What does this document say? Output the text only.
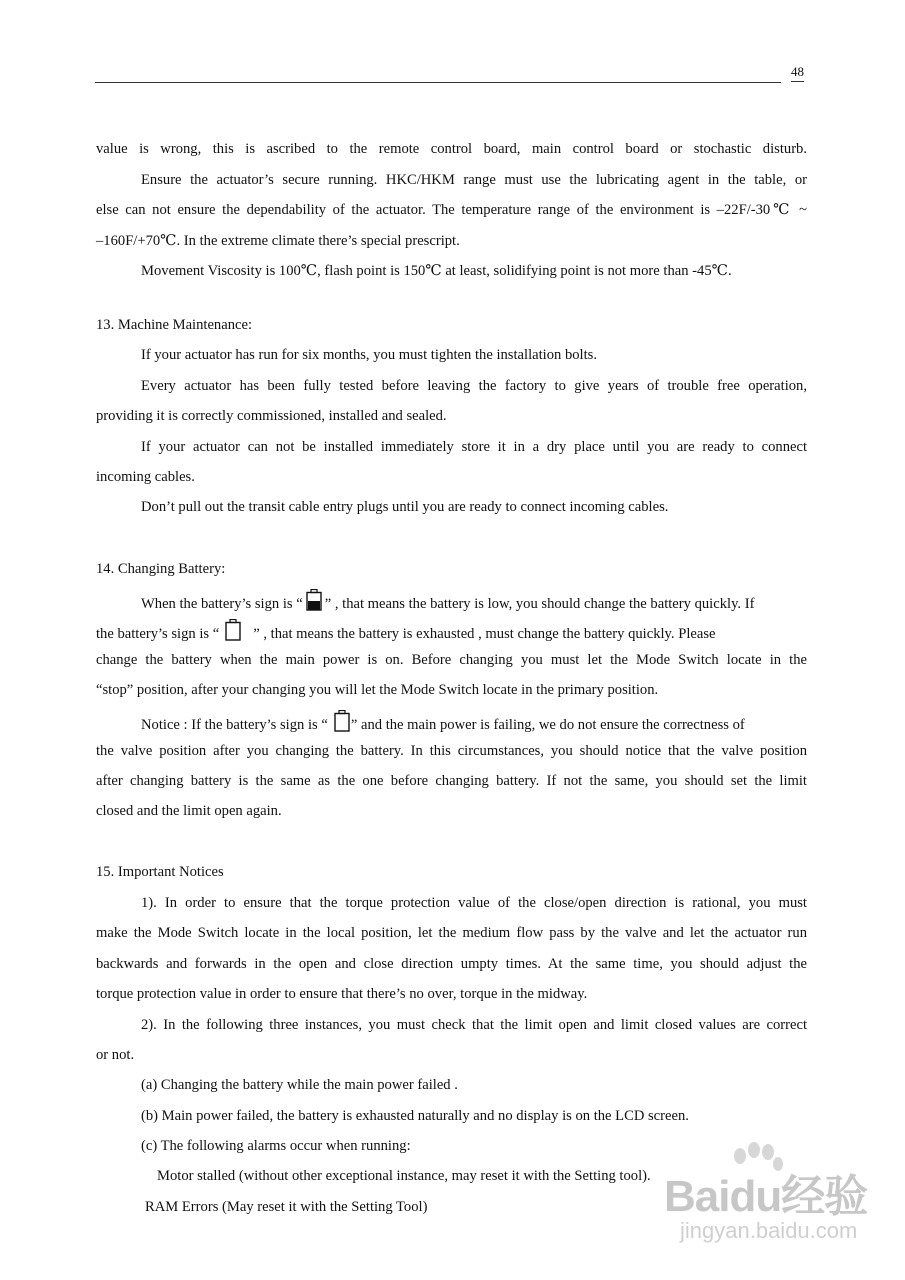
48
value is wrong, this is ascribed to the remote control board, main control board or stochastic disturb.
Ensure the actuator’s secure running. HKC/HKM range must use the lubricating agent in the table, or
else can not ensure the dependability of the actuator. The temperature range of the environment is –22F/-30℃ ~
–160F/+70℃. In the extreme climate there’s special prescript.
Movement Viscosity is 100℃, flash point is 150℃ at least, solidifying point is not more than -45℃.
13. Machine Maintenance:
If your actuator has run for six months, you must tighten the installation bolts.
Every actuator has been fully tested before leaving the factory to give years of trouble free operation,
providing it is correctly commissioned, installed and sealed.
If your actuator can not be installed immediately store it in a dry place until you are ready to connect
incoming cables.
Don’t pull out the transit cable entry plugs until you are ready to connect incoming cables.
14. Changing Battery:
When the battery’s sign is “ ” , that means the battery is low, you should change the battery quickly. If
the battery’s sign is “ ” , that means the battery is exhausted , must change the battery quickly. Please
change the battery when the main power is on. Before changing you must let the Mode Switch locate in the
“stop” position, after your changing you will let the Mode Switch locate in the primary position.
Notice : If the battery’s sign is “ ” and the main power is failing, we do not ensure the correctness of
the valve position after you changing the battery. In this circumstances, you should notice that the valve position
after changing battery is the same as the one before changing battery. If not the same, you should set the limit
closed and the limit open again.
15. Important Notices
1). In order to ensure that the torque protection value of the close/open direction is rational, you must
make the Mode Switch locate in the local position, let the medium flow pass by the valve and let the actuator run
backwards and forwards in the open and close direction umpty times. At the same time, you should adjust the
torque protection value in order to ensure that there’s no over, torque in the midway.
2). In the following three instances, you must check that the limit open and limit closed values are correct
or not.
(a) Changing the battery while the main power failed .
(b) Main power failed, the battery is exhausted naturally and no display is on the LCD screen.
(c) The following alarms occur when running:
Motor stalled (without other exceptional instance, may reset it with the Setting tool).
RAM Errors (May reset it with the Setting Tool)	Baidu经验
jingyan.baidu.com
